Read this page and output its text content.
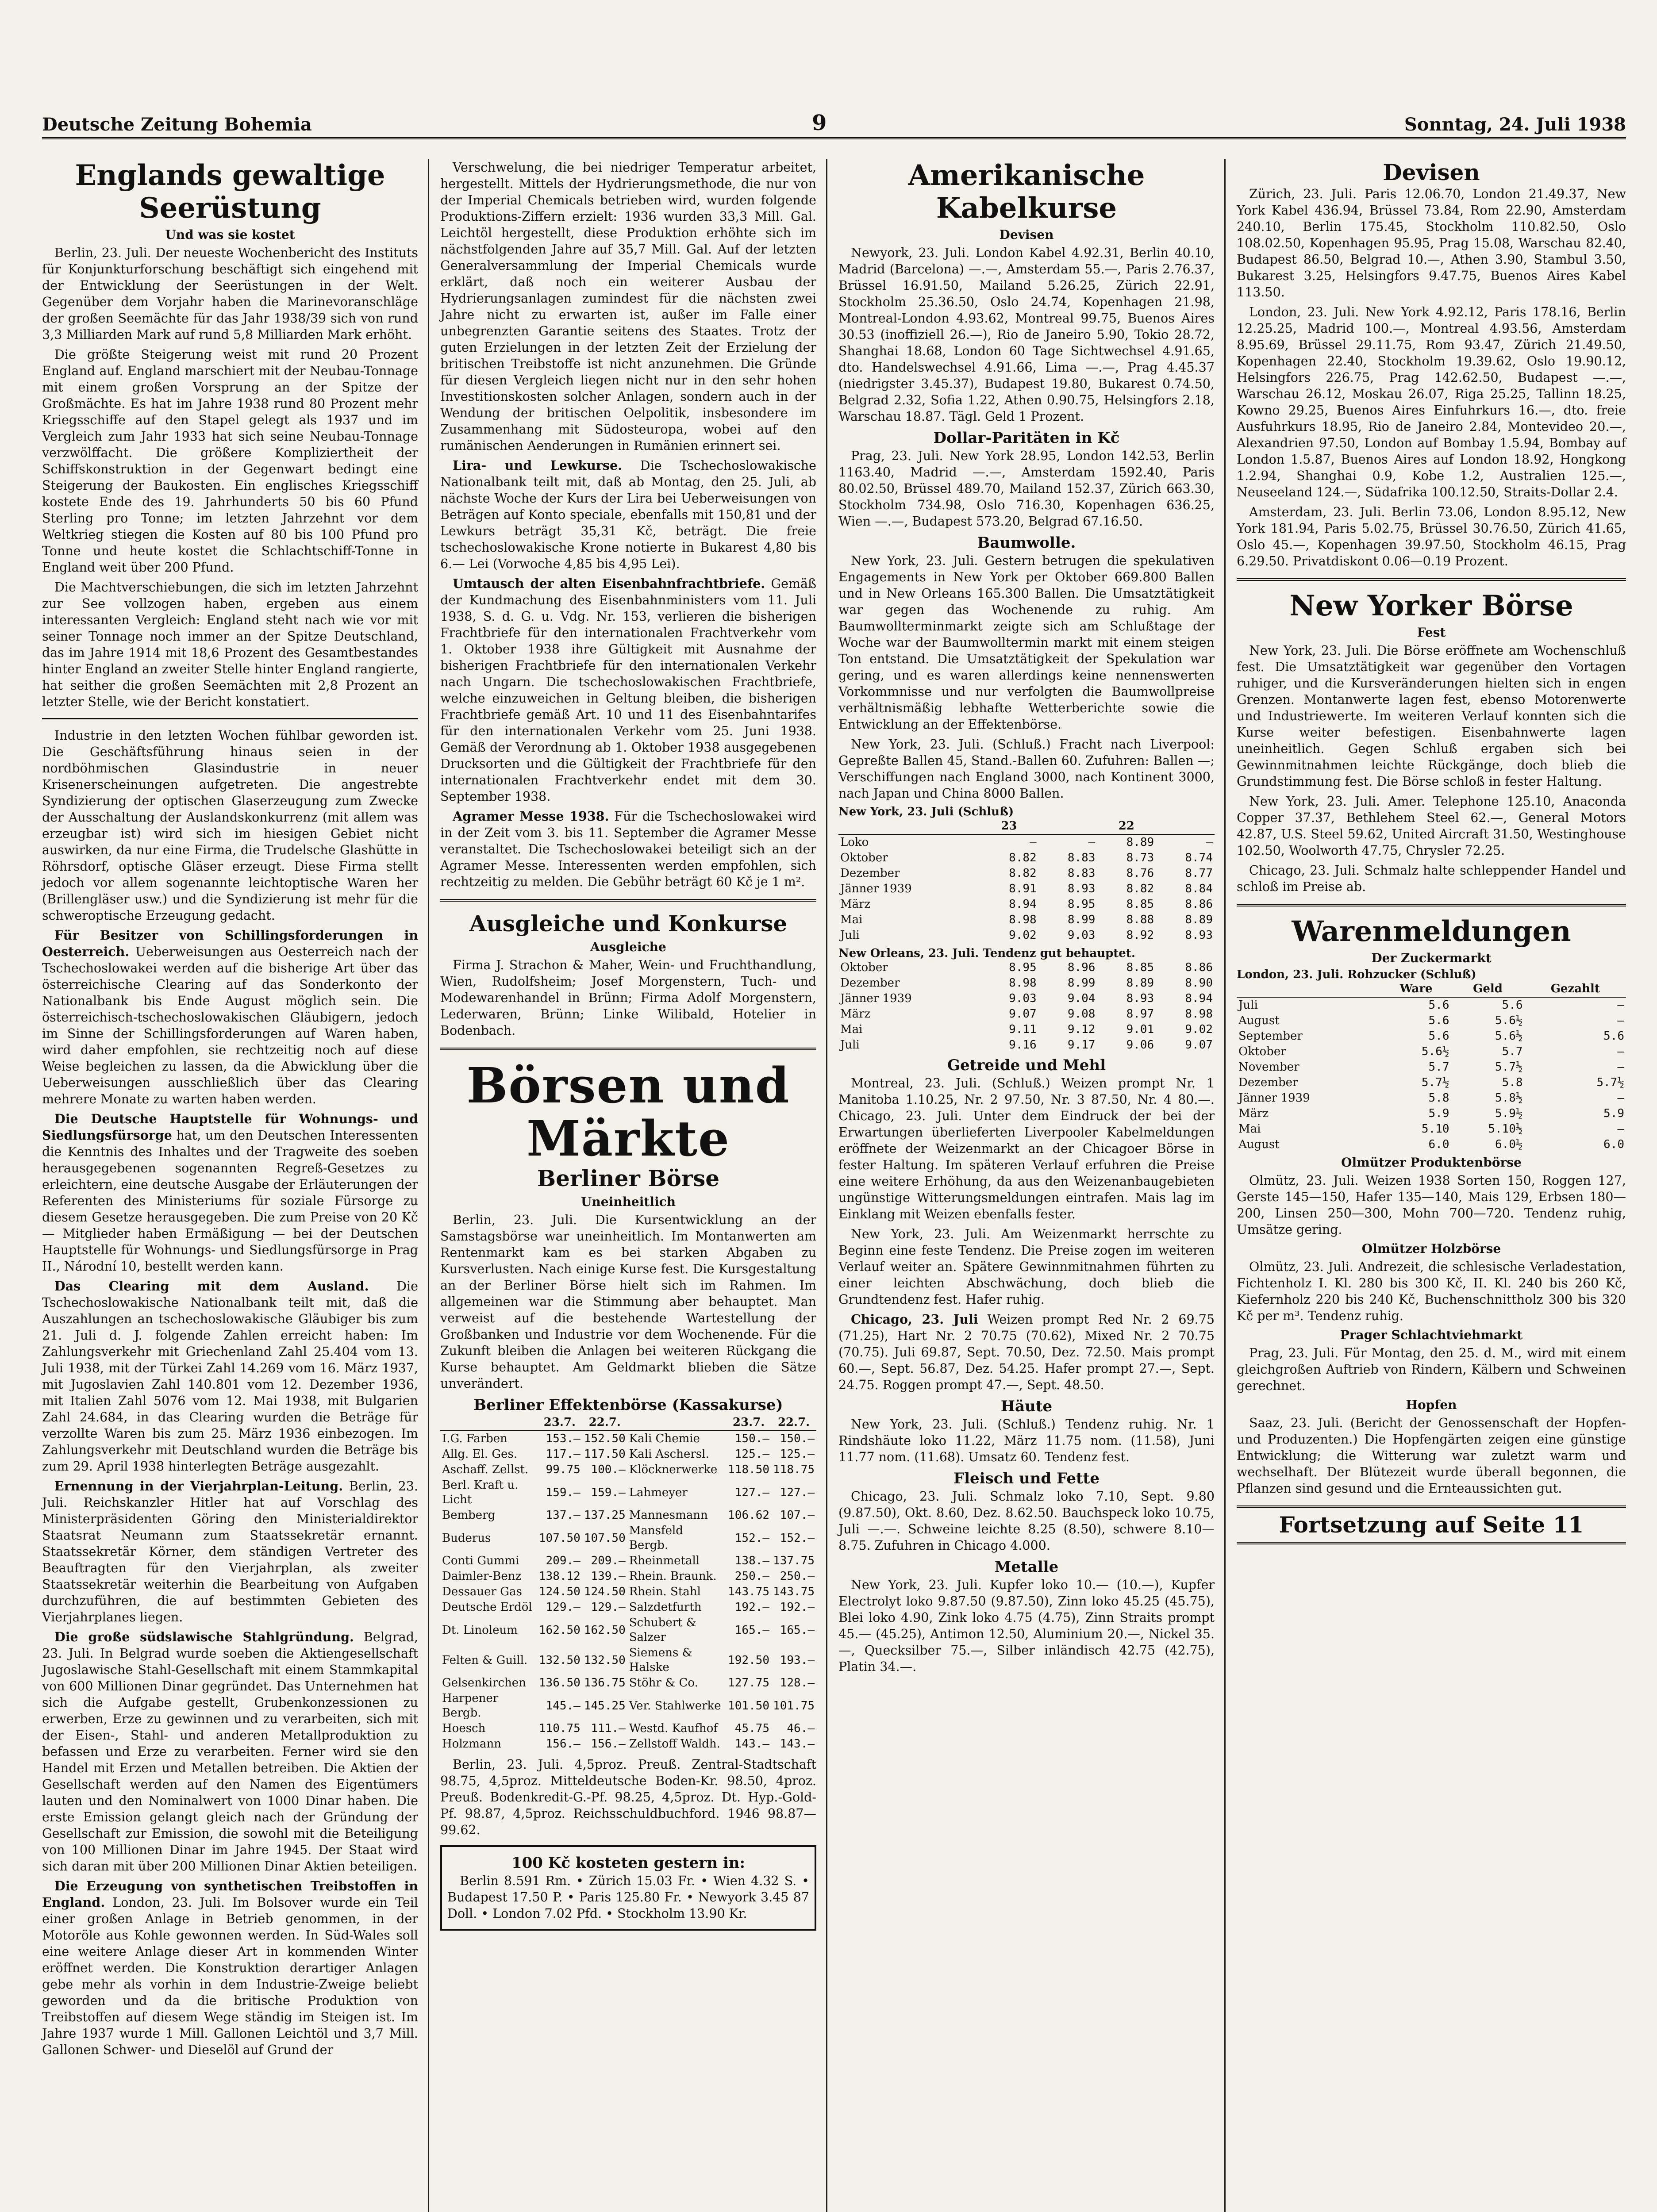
Deutsche Zeitung Bohemia	9	Sonntag, 24. Juli 1938
Englands gewaltige Seerüstung
Und was sie kostet

Berlin, 23. Juli. Der neueste Wochenbericht des Instituts für Konjunkturforschung beschäftigt sich eingehend mit der Entwicklung der Seerüstungen in der Welt. Gegenüber dem Vorjahr haben die Marinevoranschläge der großen Seemächte für das Jahr 1938/39 sich von rund 3,3 Milliarden Mark auf rund 5,8 Milliarden Mark erhöht.

Die größte Steigerung weist mit rund 20 Prozent England auf. England marschiert mit der Neubau-Tonnage mit einem großen Vorsprung an der Spitze der Großmächte. Es hat im Jahre 1938 rund 80 Prozent mehr Kriegsschiffe auf den Stapel gelegt als 1937 und im Vergleich zum Jahr 1933 hat sich seine Neubau-Tonnage verzwölffacht. Die größere Kompliziertheit der Schiffskonstruktion in der Gegenwart bedingt eine Steigerung der Baukosten. Ein englisches Kriegsschiff kostete Ende des 19. Jahrhunderts 50 bis 60 Pfund Sterling pro Tonne; im letzten Jahrzehnt vor dem Weltkrieg stiegen die Kosten auf 80 bis 100 Pfund pro Tonne und heute kostet die Schlachtschiff-Tonne in England weit über 200 Pfund.

Die Machtverschiebungen, die sich im letzten Jahrzehnt zur See vollzogen haben, ergeben aus einem interessanten Vergleich: England steht nach wie vor mit seiner Tonnage noch immer an der Spitze Deutschland, das im Jahre 1914 mit 18,6 Prozent des Gesamtbestandes hinter England an zweiter Stelle hinter England rangierte, hat seither die großen Seemächten mit 2,8 Prozent an letzter Stelle, wie der Bericht konstatiert.

Industrie in den letzten Wochen fühlbar geworden ist. Die Geschäftsführung hinaus seien in der nordböhmischen Glasindustrie in neuer Krisenerscheinungen aufgetreten. Die angestrebte Syndizierung der optischen Glaserzeugung zum Zwecke der Ausschaltung der Auslandskonkurrenz (mit allem was erzeugbar ist) wird sich im hiesigen Gebiet nicht auswirken, da nur eine Firma, die Trudelsche Glashütte in Röhrsdorf, optische Gläser erzeugt. Diese Firma stellt jedoch vor allem sogenannte leichtoptische Waren her (Brillengläser usw.) und die Syndizierung ist mehr für die schweroptische Erzeugung gedacht.

Für Besitzer von Schillingsforderungen in Oesterreich. Ueberweisungen aus Oesterreich nach der Tschechoslowakei werden auf die bisherige Art über das österreichische Clearing auf das Sonderkonto der Nationalbank bis Ende August möglich sein. Die österreichisch-tschechoslowakischen Gläubigern, jedoch im Sinne der Schillingsforderungen auf Waren haben, wird daher empfohlen, sie rechtzeitig noch auf diese Weise begleichen zu lassen, da die Abwicklung über die Ueberweisungen ausschließlich über das Clearing mehrere Monate zu warten haben werden.

Die Deutsche Hauptstelle für Wohnungs- und Siedlungsfürsorge hat, um den Deutschen Interessenten die Kenntnis des Inhaltes und der Tragweite des soeben herausgegebenen sogenannten Regreß-Gesetzes zu erleichtern, eine deutsche Ausgabe der Erläuterungen der Referenten des Ministeriums für soziale Fürsorge zu diesem Gesetze herausgegeben. Die zum Preise von 20 Kč — Mitglieder haben Ermäßigung — bei der Deutschen Hauptstelle für Wohnungs- und Siedlungsfürsorge in Prag II., Národní 10, bestellt werden kann.

Das Clearing mit dem Ausland. Die Tschechoslowakische Nationalbank teilt mit, daß die Auszahlungen an tschechoslowakische Gläubiger bis zum 21. Juli d. J. folgende Zahlen erreicht haben: Im Zahlungsverkehr mit Griechenland Zahl 25.404 vom 13. Juli 1938, mit der Türkei Zahl 14.269 vom 16. März 1937, mit Jugoslavien Zahl 140.801 vom 12. Dezember 1936, mit Italien Zahl 5076 vom 12. Mai 1938, mit Bulgarien Zahl 24.684, in das Clearing wurden die Beträge für verzollte Waren bis zum 25. März 1936 einbezogen. Im Zahlungsverkehr mit Deutschland wurden die Beträge bis zum 29. April 1938 hinterlegten Beträge ausgezahlt.

Ernennung in der Vierjahrplan-Leitung. Berlin, 23. Juli. Reichskanzler Hitler hat auf Vorschlag des Ministerpräsidenten Göring den Ministerialdirektor Staatsrat Neumann zum Staatssekretär ernannt. Staatssekretär Körner, dem ständigen Vertreter des Beauftragten für den Vierjahrplan, als zweiter Staatssekretär weiterhin die Bearbeitung von Aufgaben durchzuführen, die auf bestimmten Gebieten des Vierjahrplanes liegen.

Die große südslawische Stahlgründung. Belgrad, 23. Juli. In Belgrad wurde soeben die Aktiengesellschaft Jugoslawische Stahl-Gesellschaft mit einem Stammkapital von 600 Millionen Dinar gegründet. Das Unternehmen hat sich die Aufgabe gestellt, Grubenkonzessionen zu erwerben, Erze zu gewinnen und zu verarbeiten, sich mit der Eisen-, Stahl- und anderen Metallproduktion zu befassen und Erze zu verarbeiten. Ferner wird sie den Handel mit Erzen und Metallen betreiben. Die Aktien der Gesellschaft werden auf den Namen des Eigentümers lauten und den Nominalwert von 1000 Dinar haben. Die erste Emission gelangt gleich nach der Gründung der Gesellschaft zur Emission, die sowohl mit die Beteiligung von 100 Millionen Dinar im Jahre 1945. Der Staat wird sich daran mit über 200 Millionen Dinar Aktien beteiligen.

Die Erzeugung von synthetischen Treibstoffen in England. London, 23. Juli. Im Bolsover wurde ein Teil einer großen Anlage in Betrieb genommen, in der Motoröle aus Kohle gewonnen werden. In Süd-Wales soll eine weitere Anlage dieser Art in kommenden Winter eröffnet werden. Die Konstruktion derartiger Anlagen gebe mehr als vorhin in dem Industrie-Zweige beliebt geworden und da die britische Produktion von Treibstoffen auf diesem Wege ständig im Steigen ist. Im Jahre 1937 wurde 1 Mill. Gallonen Leichtöl und 3,7 Mill. Gallonen Schwer- und Dieselöl auf Grund der

Verschwelung, die bei niedriger Temperatur arbeitet, hergestellt. Mittels der Hydrierungsmethode, die nur von der Imperial Chemicals betrieben wird, wurden folgende Produktions-Ziffern erzielt: 1936 wurden 33,3 Mill. Gal. Leichtöl hergestellt, diese Produktion erhöhte sich im nächstfolgenden Jahre auf 35,7 Mill. Gal. Auf der letzten Generalversammlung der Imperial Chemicals wurde erklärt, daß noch ein weiterer Ausbau der Hydrierungsanlagen zumindest für die nächsten zwei Jahre nicht zu erwarten ist, außer im Falle einer unbegrenzten Garantie seitens des Staates. Trotz der guten Erzielungen in der letzten Zeit der Erzielung der britischen Treibstoffe ist nicht anzunehmen. Die Gründe für diesen Vergleich liegen nicht nur in den sehr hohen Investitionskosten solcher Anlagen, sondern auch in der Wendung der britischen Oelpolitik, insbesondere im Zusammenhang mit Südosteuropa, wobei auf den rumänischen Aenderungen in Rumänien erinnert sei.

Lira- und Lewkurse. Die Tschechoslowakische Nationalbank teilt mit, daß ab Montag, den 25. Juli, ab nächste Woche der Kurs der Lira bei Ueberweisungen von Beträgen auf Konto speciale, ebenfalls mit 150,81 und der Lewkurs beträgt 35,31 Kč, beträgt. Die freie tschechoslowakische Krone notierte in Bukarest 4,80 bis 6.— Lei (Vorwoche 4,85 bis 4,95 Lei).

Umtausch der alten Eisenbahnfrachtbriefe. Gemäß der Kundmachung des Eisenbahnministers vom 11. Juli 1938, S. d. G. u. Vdg. Nr. 153, verlieren die bisherigen Frachtbriefe für den internationalen Frachtverkehr vom 1. Oktober 1938 ihre Gültigkeit mit Ausnahme der bisherigen Frachtbriefe für den internationalen Verkehr nach Ungarn. Die tschechoslowakischen Frachtbriefe, welche einzuweichen in Geltung bleiben, die bisherigen Frachtbriefe gemäß Art. 10 und 11 des Eisenbahntarifes für den internationalen Verkehr vom 25. Juni 1938. Gemäß der Verordnung ab 1. Oktober 1938 ausgegebenen Drucksorten und die Gültigkeit der Frachtbriefe für den internationalen Frachtverkehr endet mit dem 30. September 1938.

Agramer Messe 1938. Für die Tschechoslowakei wird in der Zeit vom 3. bis 11. September die Agramer Messe veranstaltet. Die Tschechoslowakei beteiligt sich an der Agramer Messe. Interessenten werden empfohlen, sich rechtzeitig zu melden. Die Gebühr beträgt 60 Kč je 1 m².

Ausgleiche und Konkurse
Ausgleiche

Firma J. Strachon & Maher, Wein- und Fruchthandlung, Wien, Rudolfsheim; Josef Morgenstern, Tuch- und Modewarenhandel in Brünn; Firma Adolf Morgenstern, Lederwaren, Brünn; Linke Wilibald, Hotelier in Bodenbach.

Börsen und Märkte
Berliner Börse
Uneinheitlich

Berlin, 23. Juli. Die Kursentwicklung an der Samstagsbörse war uneinheitlich. Im Montanwerten am Rentenmarkt kam es bei starken Abgaben zu Kursverlusten. Nach einige Kurse fest. Die Kursgestaltung an der Berliner Börse hielt sich im Rahmen. Im allgemeinen war die Stimmung aber behauptet. Man verweist auf die bestehende Wartestellung der Großbanken und Industrie vor dem Wochenende. Für die Zukunft bleiben die Anlagen bei weiteren Rückgang die Kurse behauptet. Am Geldmarkt blieben die Sätze unverändert.

Berliner Effektenbörse (Kassakurse)
	23.7.	22.7.		23.7.	22.7.
I.G. Farben	153.—	152.50	Kali Chemie	150.—	150.—
Allg. El. Ges.	117.—	117.50	Kali Aschersl.	125.—	125.—
Aschaff. Zellst.	99.75	100.—	Klöcknerwerke	118.50	118.75
Berl. Kraft u. Licht	159.—	159.—	Lahmeyer	127.—	127.—
Bemberg	137.—	137.25	Mannesmann	106.62	107.—
Buderus	107.50	107.50	Mansfeld Bergb.	152.—	152.—
Conti Gummi	209.—	209.—	Rheinmetall	138.—	137.75
Daimler-Benz	138.12	139.—	Rhein. Braunk.	250.—	250.—
Dessauer Gas	124.50	124.50	Rhein. Stahl	143.75	143.75
Deutsche Erdöl	129.—	129.—	Salzdetfurth	192.—	192.—
Dt. Linoleum	162.50	162.50	Schubert & Salzer	165.—	165.—
Felten & Guill.	132.50	132.50	Siemens & Halske	192.50	193.—
Gelsenkirchen	136.50	136.75	Stöhr & Co.	127.75	128.—
Harpener Bergb.	145.—	145.25	Ver. Stahlwerke	101.50	101.75
Hoesch	110.75	111.—	Westd. Kaufhof	45.75	46.—
Holzmann	156.—	156.—	Zellstoff Waldh.	143.—	143.—

Berlin, 23. Juli. 4,5proz. Preuß. Zentral-Stadtschaft 98.75, 4,5proz. Mitteldeutsche Boden-Kr. 98.50, 4proz. Preuß. Bodenkredit-G.-Pf. 98.25, 4,5proz. Dt. Hyp.-Gold-Pf. 98.87, 4,5proz. Reichsschuldbuchford. 1946 98.87—99.62.

100 Kč kosteten gestern in:

Berlin 8.591 Rm. • Zürich 15.03 Fr. • Wien 4.32 S. • Budapest 17.50 P. • Paris 125.80 Fr. • Newyork 3.45 87 Doll. • London 7.02 Pfd. • Stockholm 13.90 Kr.

Amerikanische Kabelkurse
Devisen

Newyork, 23. Juli. London Kabel 4.92.31, Berlin 40.10, Madrid (Barcelona) —.—, Amsterdam 55.—, Paris 2.76.37, Brüssel 16.91.50, Mailand 5.26.25, Zürich 22.91, Stockholm 25.36.50, Oslo 24.74, Kopenhagen 21.98, Montreal-London 4.93.62, Montreal 99.75, Buenos Aires 30.53 (inoffiziell 26.—), Rio de Janeiro 5.90, Tokio 28.72, Shanghai 18.68, London 60 Tage Sichtwechsel 4.91.65, dto. Handelswechsel 4.91.66, Lima —.—, Prag 4.45.37 (niedrigster 3.45.37), Budapest 19.80, Bukarest 0.74.50, Belgrad 2.32, Sofia 1.22, Athen 0.90.75, Helsingfors 2.18, Warschau 18.87. Tägl. Geld 1 Prozent.

Dollar-Paritäten in Kč

Prag, 23. Juli. New York 28.95, London 142.53, Berlin 1163.40, Madrid —.—, Amsterdam 1592.40, Paris 80.02.50, Brüssel 489.70, Mailand 152.37, Zürich 663.30, Stockholm 734.98, Oslo 716.30, Kopenhagen 636.25, Wien —.—, Budapest 573.20, Belgrad 67.16.50.

Baumwolle.

New York, 23. Juli. Gestern betrugen die spekulativen Engagements in New York per Oktober 669.800 Ballen und in New Orleans 165.300 Ballen. Die Umsatztätigkeit war gegen das Wochenende zu ruhig. Am Baumwollterminmarkt zeigte sich am Schlußtage der Woche war der Baumwolltermin markt mit einem steigen Ton entstand. Die Umsatztätigkeit der Spekulation war gering, und es waren allerdings keine nennenswerten Vorkommnisse und nur verfolgten die Baumwollpreise verhältnismäßig lebhafte Wetterberichte sowie die Entwicklung an der Effektenbörse.

New York, 23. Juli. (Schluß.) Fracht nach Liverpool: Gepreßte Ballen 45, Stand.-Ballen 60. Zufuhren: Ballen —; Verschiffungen nach England 3000, nach Kontinent 3000, nach Japan und China 8000 Ballen.

New York, 23. Juli (Schluß)
	23		22	
Loko	—	—	8.89	—
Oktober	8.82	8.83	8.73	8.74
Dezember	8.82	8.83	8.76	8.77
Jänner 1939	8.91	8.93	8.82	8.84
März	8.94	8.95	8.85	8.86
Mai	8.98	8.99	8.88	8.89
Juli	9.02	9.03	8.92	8.93
New Orleans, 23. Juli. Tendenz gut behauptet.
Oktober	8.95	8.96	8.85	8.86
Dezember	8.98	8.99	8.89	8.90
Jänner 1939	9.03	9.04	8.93	8.94
März	9.07	9.08	8.97	8.98
Mai	9.11	9.12	9.01	9.02
Juli	9.16	9.17	9.06	9.07
Getreide und Mehl

Montreal, 23. Juli. (Schluß.) Weizen prompt Nr. 1 Manitoba 1.10.25, Nr. 2 97.50, Nr. 3 87.50, Nr. 4 80.—. Chicago, 23. Juli. Unter dem Eindruck der bei der Erwartungen überlieferten Liverpooler Kabelmeldungen eröffnete der Weizenmarkt an der Chicagoer Börse in fester Haltung. Im späteren Verlauf erfuhren die Preise eine weitere Erhöhung, da aus den Weizenanbaugebieten ungünstige Witterungsmeldungen eintrafen. Mais lag im Einklang mit Weizen ebenfalls fester.

New York, 23. Juli. Am Weizenmarkt herrschte zu Beginn eine feste Tendenz. Die Preise zogen im weiteren Verlauf weiter an. Spätere Gewinnmitnahmen führten zu einer leichten Abschwächung, doch blieb die Grundtendenz fest. Hafer ruhig.

Chicago, 23. Juli Weizen prompt Red Nr. 2 69.75 (71.25), Hart Nr. 2 70.75 (70.62), Mixed Nr. 2 70.75 (70.75). Juli 69.87, Sept. 70.50, Dez. 72.50. Mais prompt 60.—, Sept. 56.87, Dez. 54.25. Hafer prompt 27.—, Sept. 24.75. Roggen prompt 47.—, Sept. 48.50.

Häute

New York, 23. Juli. (Schluß.) Tendenz ruhig. Nr. 1 Rindshäute loko 11.22, März 11.75 nom. (11.58), Juni 11.77 nom. (11.68). Umsatz 60. Tendenz fest.

Fleisch und Fette

Chicago, 23. Juli. Schmalz loko 7.10, Sept. 9.80 (9.87.50), Okt. 8.60, Dez. 8.62.50. Bauchspeck loko 10.75, Juli —.—. Schweine leichte 8.25 (8.50), schwere 8.10—8.75. Zufuhren in Chicago 4.000.

Metalle

New York, 23. Juli. Kupfer loko 10.— (10.—), Kupfer Electrolyt loko 9.87.50 (9.87.50), Zinn loko 45.25 (45.75), Blei loko 4.90, Zink loko 4.75 (4.75), Zinn Straits prompt 45.— (45.25), Antimon 12.50, Aluminium 20.—, Nickel 35.—, Quecksilber 75.—, Silber inländisch 42.75 (42.75), Platin 34.—.

Devisen

Zürich, 23. Juli. Paris 12.06.70, London 21.49.37, New York Kabel 436.94, Brüssel 73.84, Rom 22.90, Amsterdam 240.10, Berlin 175.45, Stockholm 110.82.50, Oslo 108.02.50, Kopenhagen 95.95, Prag 15.08, Warschau 82.40, Budapest 86.50, Belgrad 10.—, Athen 3.90, Stambul 3.50, Bukarest 3.25, Helsingfors 9.47.75, Buenos Aires Kabel 113.50.

London, 23. Juli. New York 4.92.12, Paris 178.16, Berlin 12.25.25, Madrid 100.—, Montreal 4.93.56, Amsterdam 8.95.69, Brüssel 29.11.75, Rom 93.47, Zürich 21.49.50, Kopenhagen 22.40, Stockholm 19.39.62, Oslo 19.90.12, Helsingfors 226.75, Prag 142.62.50, Budapest —.—, Warschau 26.12, Moskau 26.07, Riga 25.25, Tallinn 18.25, Kowno 29.25, Buenos Aires Einfuhrkurs 16.—, dto. freie Ausfuhrkurs 18.95, Rio de Janeiro 2.84, Montevideo 20.—, Alexandrien 97.50, London auf Bombay 1.5.94, Bombay auf London 1.5.87, Buenos Aires auf London 18.92, Hongkong 1.2.94, Shanghai 0.9, Kobe 1.2, Australien 125.—, Neuseeland 124.—, Südafrika 100.12.50, Straits-Dollar 2.4.

Amsterdam, 23. Juli. Berlin 73.06, London 8.95.12, New York 181.94, Paris 5.02.75, Brüssel 30.76.50, Zürich 41.65, Oslo 45.—, Kopenhagen 39.97.50, Stockholm 46.15, Prag 6.29.50. Privatdiskont 0.06—0.19 Prozent.

New Yorker Börse
Fest

New York, 23. Juli. Die Börse eröffnete am Wochenschluß fest. Die Umsatztätigkeit war gegenüber den Vortagen ruhiger, und die Kursveränderungen hielten sich in engen Grenzen. Montanwerte lagen fest, ebenso Motorenwerte und Industriewerte. Im weiteren Verlauf konnten sich die Kurse weiter befestigen. Eisenbahnwerte lagen uneinheitlich. Gegen Schluß ergaben sich bei Gewinnmitnahmen leichte Rückgänge, doch blieb die Grundstimmung fest. Die Börse schloß in fester Haltung.

New York, 23. Juli. Amer. Telephone 125.10, Anaconda Copper 37.37, Bethlehem Steel 62.—, General Motors 42.87, U.S. Steel 59.62, United Aircraft 31.50, Westinghouse 102.50, Woolworth 47.75, Chrysler 72.25.

Chicago, 23. Juli. Schmalz halte schleppender Handel und schloß im Preise ab.

Warenmeldungen
Der Zuckermarkt
London, 23. Juli. Rohzucker (Schluß)
	Ware	Geld	Gezahlt
Juli	5.6	5.6	—
August	5.6	5.6½	—
September	5.6	5.6½	5.6
Oktober	5.6½	5.7	—
November	5.7	5.7½	—
Dezember	5.7½	5.8	5.7½
Jänner 1939	5.8	5.8½	—
März	5.9	5.9½	5.9
Mai	5.10	5.10½	—
August	6.0	6.0½	6.0
Olmützer Produktenbörse

Olmütz, 23. Juli. Weizen 1938 Sorten 150, Roggen 127, Gerste 145—150, Hafer 135—140, Mais 129, Erbsen 180—200, Linsen 250—300, Mohn 700—720. Tendenz ruhig, Umsätze gering.

Olmützer Holzbörse

Olmütz, 23. Juli. Andrezeit, die schlesische Verladestation, Fichtenholz I. Kl. 280 bis 300 Kč, II. Kl. 240 bis 260 Kč, Kiefernholz 220 bis 240 Kč, Buchenschnittholz 300 bis 320 Kč per m³. Tendenz ruhig.

Prager Schlachtviehmarkt

Prag, 23. Juli. Für Montag, den 25. d. M., wird mit einem gleichgroßen Auftrieb von Rindern, Kälbern und Schweinen gerechnet.

Hopfen

Saaz, 23. Juli. (Bericht der Genossenschaft der Hopfen- und Produzenten.) Die Hopfengärten zeigen eine günstige Entwicklung; die Witterung war zuletzt warm und wechselhaft. Der Blütezeit wurde überall begonnen, die Pflanzen sind gesund und die Ernteaussichten gut.

Fortsetzung auf Seite 11
